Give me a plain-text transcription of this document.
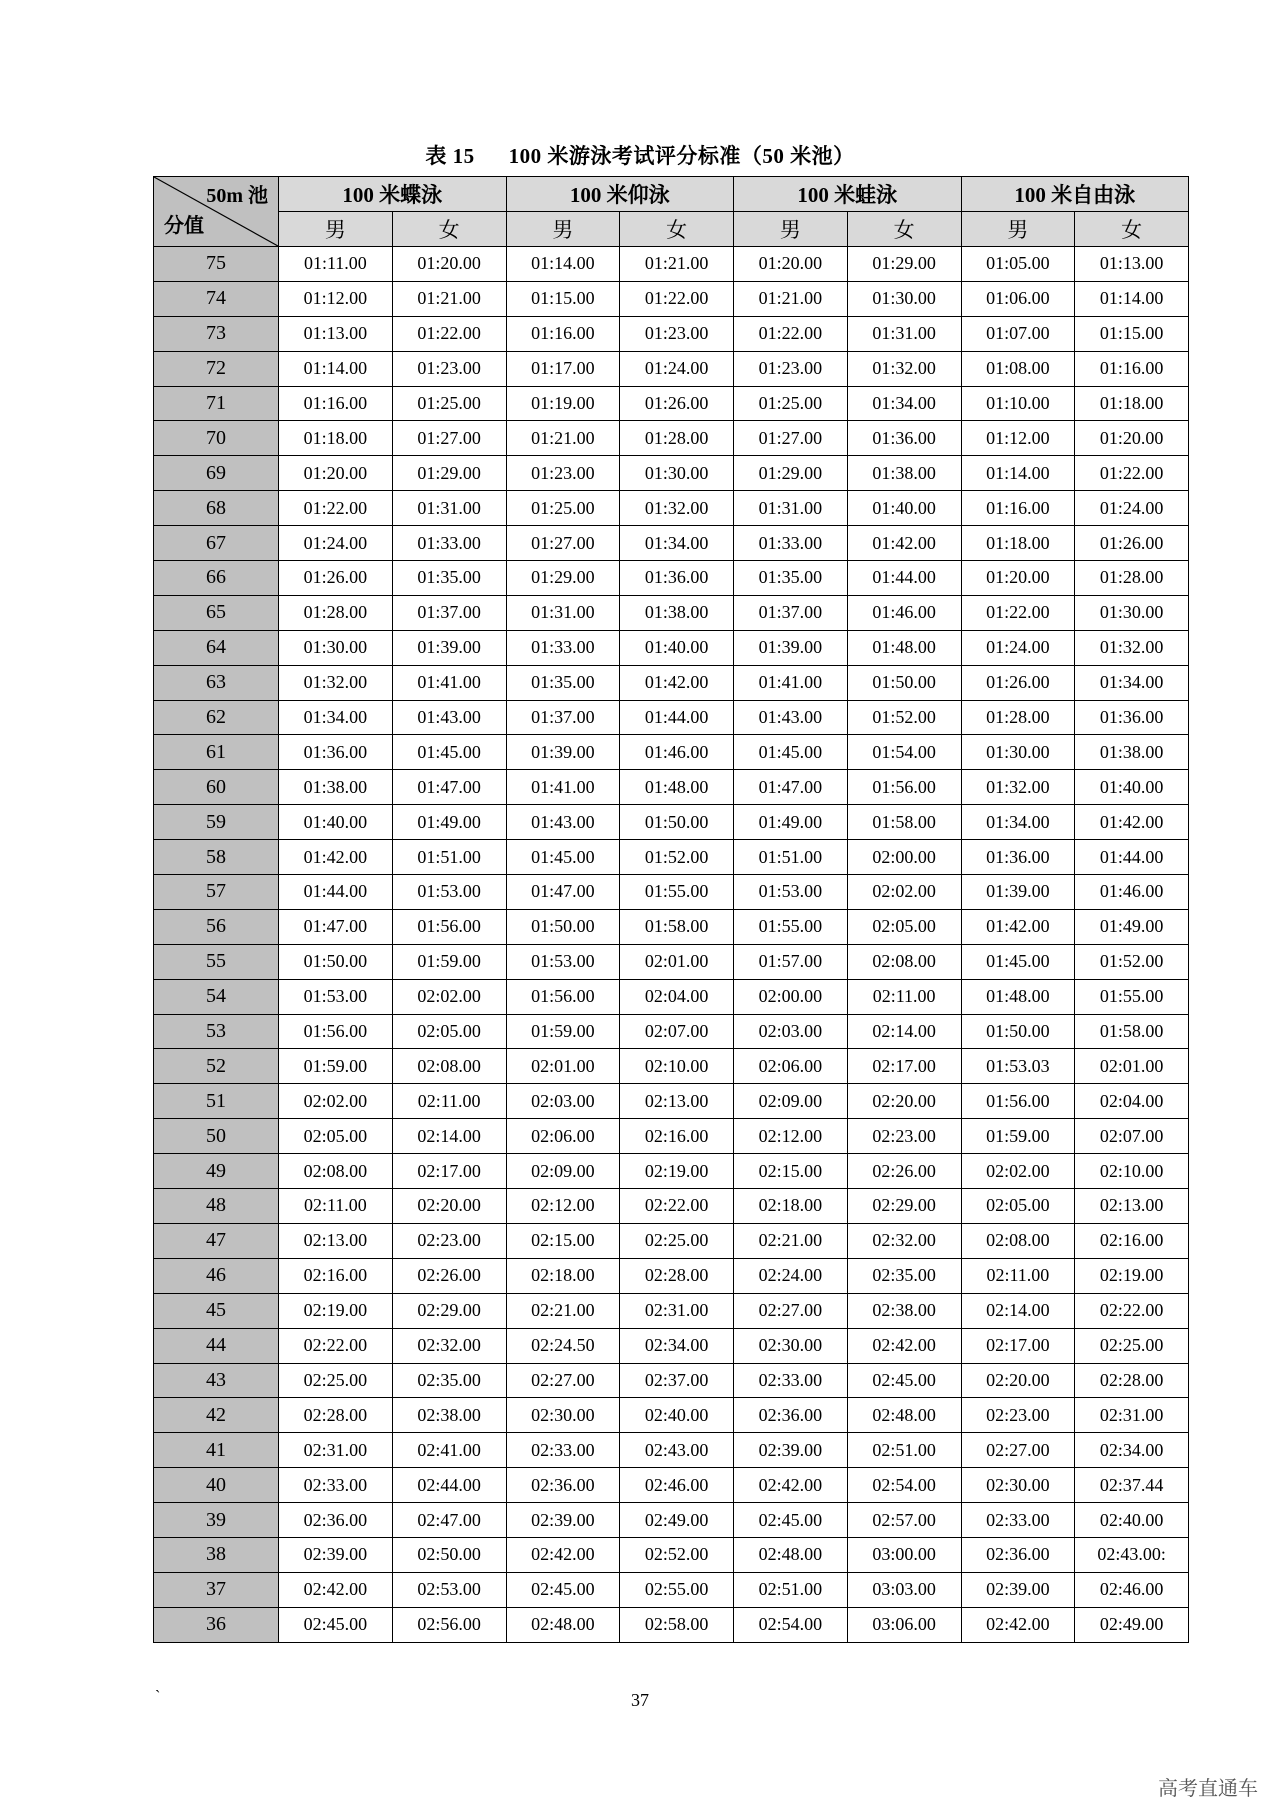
表 15 100 米游泳考试评分标准（50 米池）
50m 池
分值	100 米蝶泳		100 米仰泳		100 米蛙泳		100 米自由泳	
	男	女	男	女	男	女	男	女
75	01:11.00	01:20.00	01:14.00	01:21.00	01:20.00	01:29.00	01:05.00	01:13.00
74	01:12.00	01:21.00	01:15.00	01:22.00	01:21.00	01:30.00	01:06.00	01:14.00
73	01:13.00	01:22.00	01:16.00	01:23.00	01:22.00	01:31.00	01:07.00	01:15.00
72	01:14.00	01:23.00	01:17.00	01:24.00	01:23.00	01:32.00	01:08.00	01:16.00
71	01:16.00	01:25.00	01:19.00	01:26.00	01:25.00	01:34.00	01:10.00	01:18.00
70	01:18.00	01:27.00	01:21.00	01:28.00	01:27.00	01:36.00	01:12.00	01:20.00
69	01:20.00	01:29.00	01:23.00	01:30.00	01:29.00	01:38.00	01:14.00	01:22.00
68	01:22.00	01:31.00	01:25.00	01:32.00	01:31.00	01:40.00	01:16.00	01:24.00
67	01:24.00	01:33.00	01:27.00	01:34.00	01:33.00	01:42.00	01:18.00	01:26.00
66	01:26.00	01:35.00	01:29.00	01:36.00	01:35.00	01:44.00	01:20.00	01:28.00
65	01:28.00	01:37.00	01:31.00	01:38.00	01:37.00	01:46.00	01:22.00	01:30.00
64	01:30.00	01:39.00	01:33.00	01:40.00	01:39.00	01:48.00	01:24.00	01:32.00
63	01:32.00	01:41.00	01:35.00	01:42.00	01:41.00	01:50.00	01:26.00	01:34.00
62	01:34.00	01:43.00	01:37.00	01:44.00	01:43.00	01:52.00	01:28.00	01:36.00
61	01:36.00	01:45.00	01:39.00	01:46.00	01:45.00	01:54.00	01:30.00	01:38.00
60	01:38.00	01:47.00	01:41.00	01:48.00	01:47.00	01:56.00	01:32.00	01:40.00
59	01:40.00	01:49.00	01:43.00	01:50.00	01:49.00	01:58.00	01:34.00	01:42.00
58	01:42.00	01:51.00	01:45.00	01:52.00	01:51.00	02:00.00	01:36.00	01:44.00
57	01:44.00	01:53.00	01:47.00	01:55.00	01:53.00	02:02.00	01:39.00	01:46.00
56	01:47.00	01:56.00	01:50.00	01:58.00	01:55.00	02:05.00	01:42.00	01:49.00
55	01:50.00	01:59.00	01:53.00	02:01.00	01:57.00	02:08.00	01:45.00	01:52.00
54	01:53.00	02:02.00	01:56.00	02:04.00	02:00.00	02:11.00	01:48.00	01:55.00
53	01:56.00	02:05.00	01:59.00	02:07.00	02:03.00	02:14.00	01:50.00	01:58.00
52	01:59.00	02:08.00	02:01.00	02:10.00	02:06.00	02:17.00	01:53.03	02:01.00
51	02:02.00	02:11.00	02:03.00	02:13.00	02:09.00	02:20.00	01:56.00	02:04.00
50	02:05.00	02:14.00	02:06.00	02:16.00	02:12.00	02:23.00	01:59.00	02:07.00
49	02:08.00	02:17.00	02:09.00	02:19.00	02:15.00	02:26.00	02:02.00	02:10.00
48	02:11.00	02:20.00	02:12.00	02:22.00	02:18.00	02:29.00	02:05.00	02:13.00
47	02:13.00	02:23.00	02:15.00	02:25.00	02:21.00	02:32.00	02:08.00	02:16.00
46	02:16.00	02:26.00	02:18.00	02:28.00	02:24.00	02:35.00	02:11.00	02:19.00
45	02:19.00	02:29.00	02:21.00	02:31.00	02:27.00	02:38.00	02:14.00	02:22.00
44	02:22.00	02:32.00	02:24.50	02:34.00	02:30.00	02:42.00	02:17.00	02:25.00
43	02:25.00	02:35.00	02:27.00	02:37.00	02:33.00	02:45.00	02:20.00	02:28.00
42	02:28.00	02:38.00	02:30.00	02:40.00	02:36.00	02:48.00	02:23.00	02:31.00
41	02:31.00	02:41.00	02:33.00	02:43.00	02:39.00	02:51.00	02:27.00	02:34.00
40	02:33.00	02:44.00	02:36.00	02:46.00	02:42.00	02:54.00	02:30.00	02:37.44
39	02:36.00	02:47.00	02:39.00	02:49.00	02:45.00	02:57.00	02:33.00	02:40.00
38	02:39.00	02:50.00	02:42.00	02:52.00	02:48.00	03:00.00	02:36.00	02:43.00:
37	02:42.00	02:53.00	02:45.00	02:55.00	02:51.00	03:03.00	02:39.00	02:46.00
36	02:45.00	02:56.00	02:48.00	02:58.00	02:54.00	03:06.00	02:42.00	02:49.00
`	37
高考直通车
